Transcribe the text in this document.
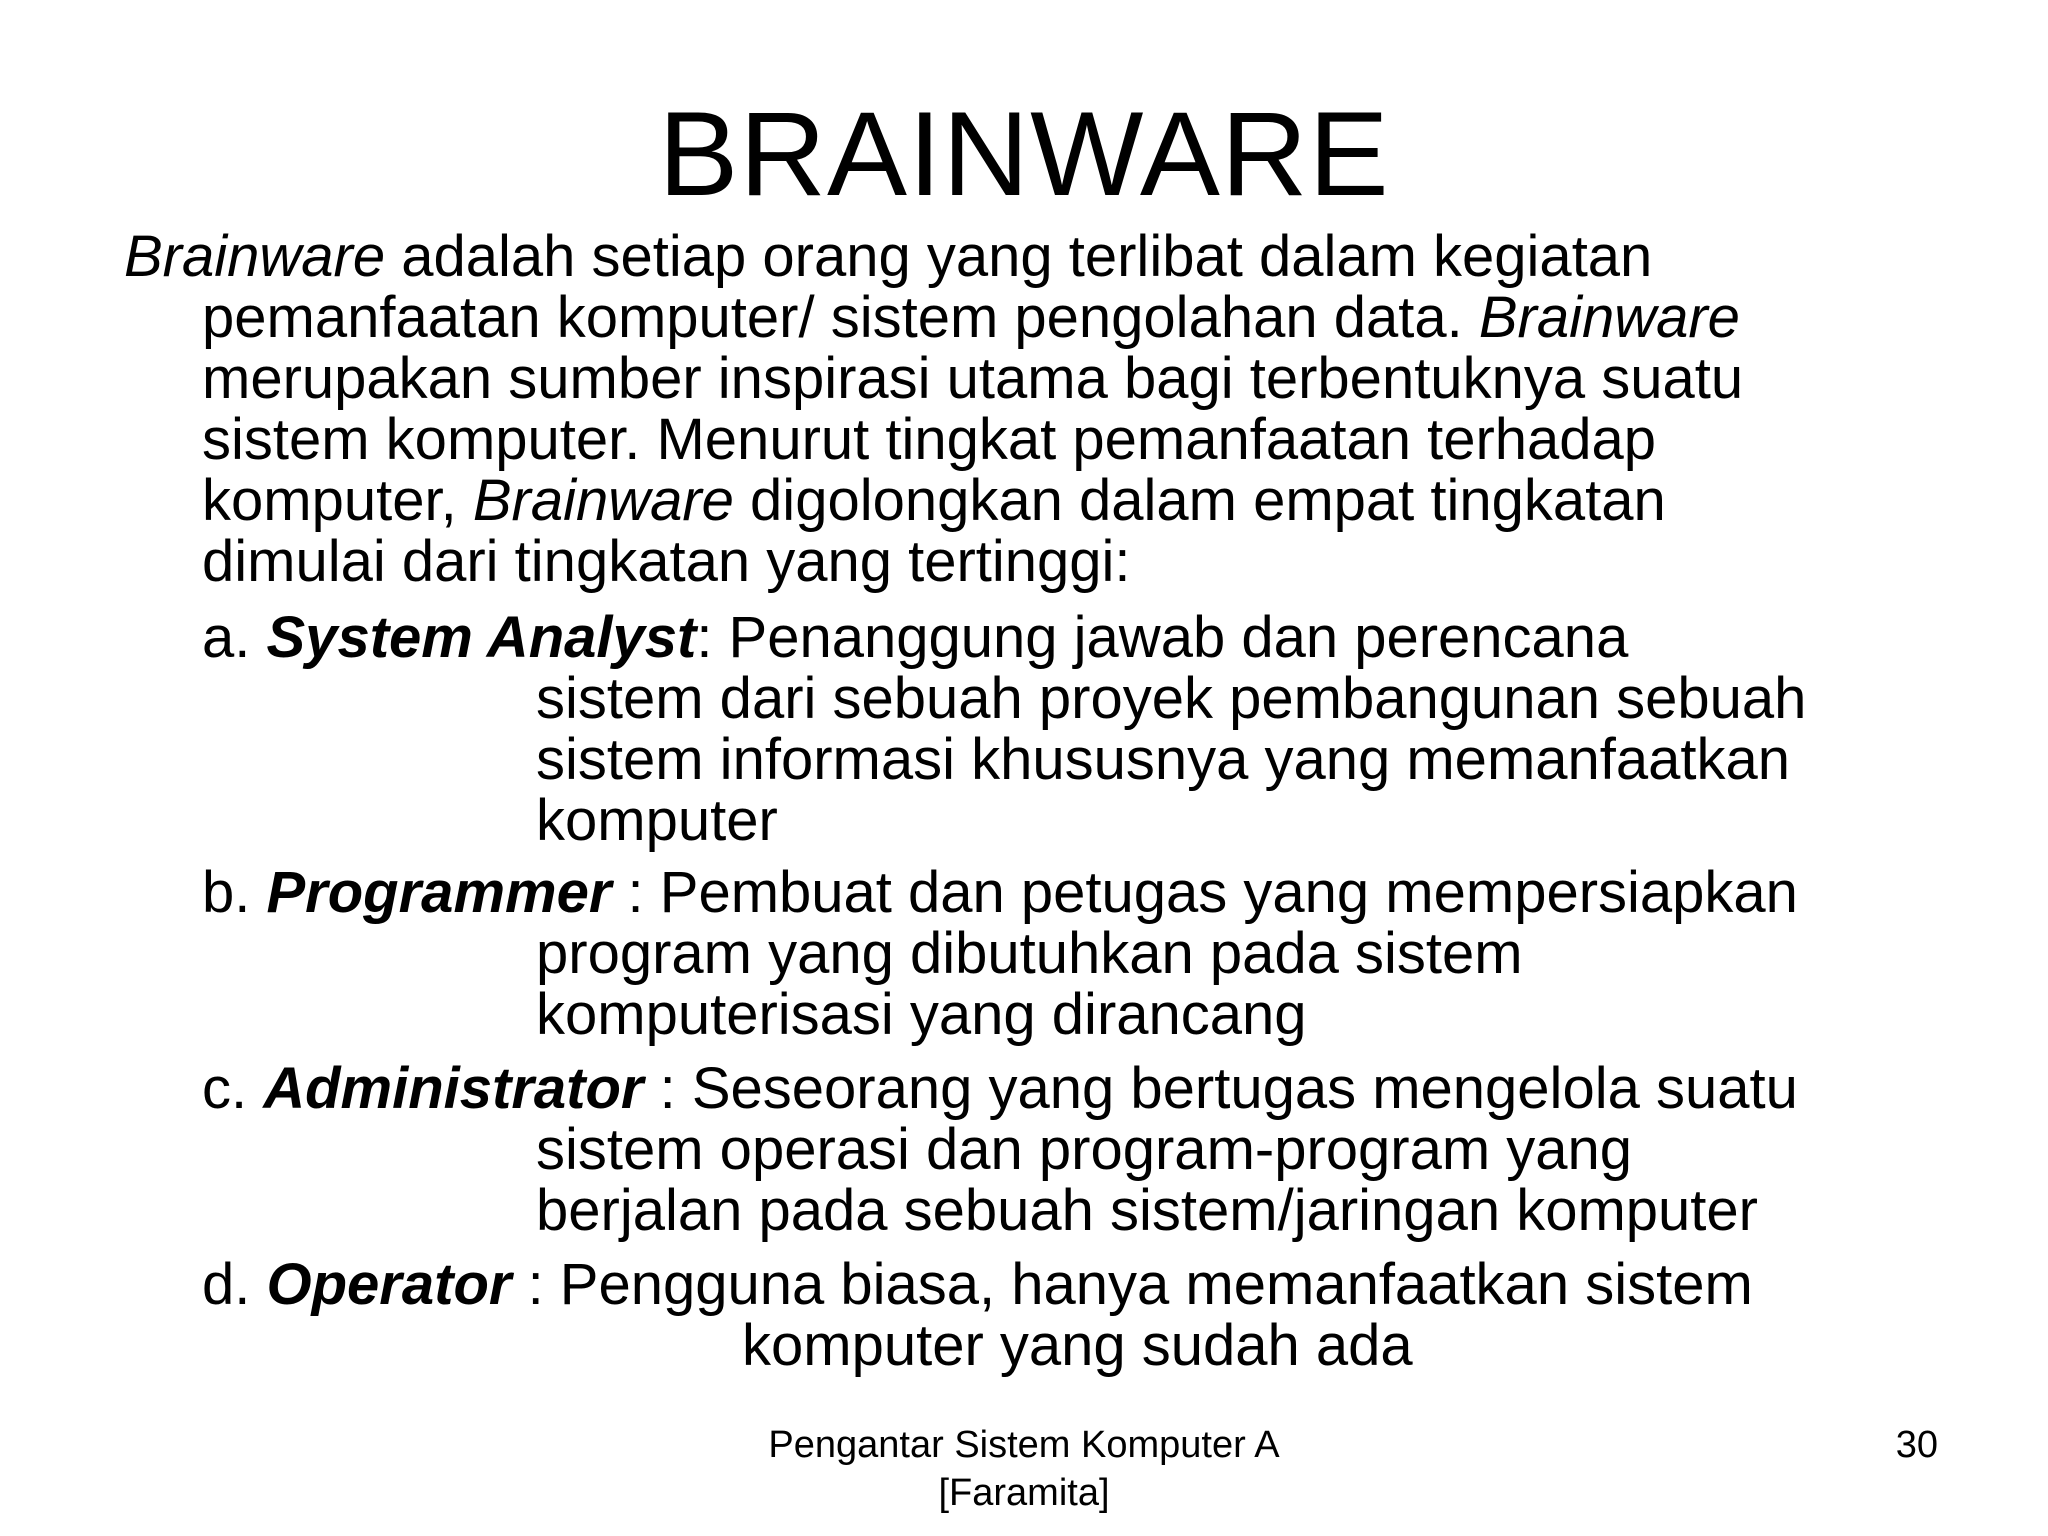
BRAINWARE
Brainware adalah setiap orang yang terlibat dalam kegiatan
pemanfaatan komputer/ sistem pengolahan data. Brainware
merupakan sumber inspirasi utama bagi terbentuknya suatu
sistem komputer. Menurut tingkat pemanfaatan terhadap
komputer, Brainware digolongkan dalam empat tingkatan
dimulai dari tingkatan yang tertinggi:
a. System Analyst: Penanggung jawab dan perencana
sistem dari sebuah proyek pembangunan sebuah
sistem informasi khususnya yang memanfaatkan
komputer
b. Programmer : Pembuat dan petugas yang mempersiapkan
program yang dibutuhkan pada sistem
komputerisasi yang dirancang
c. Administrator : Seseorang yang bertugas mengelola suatu
sistem operasi dan program-program yang
berjalan pada sebuah sistem/jaringan komputer
d. Operator : Pengguna biasa, hanya memanfaatkan sistem
komputer yang sudah ada
Pengantar Sistem Komputer A
[Faramita]
30
